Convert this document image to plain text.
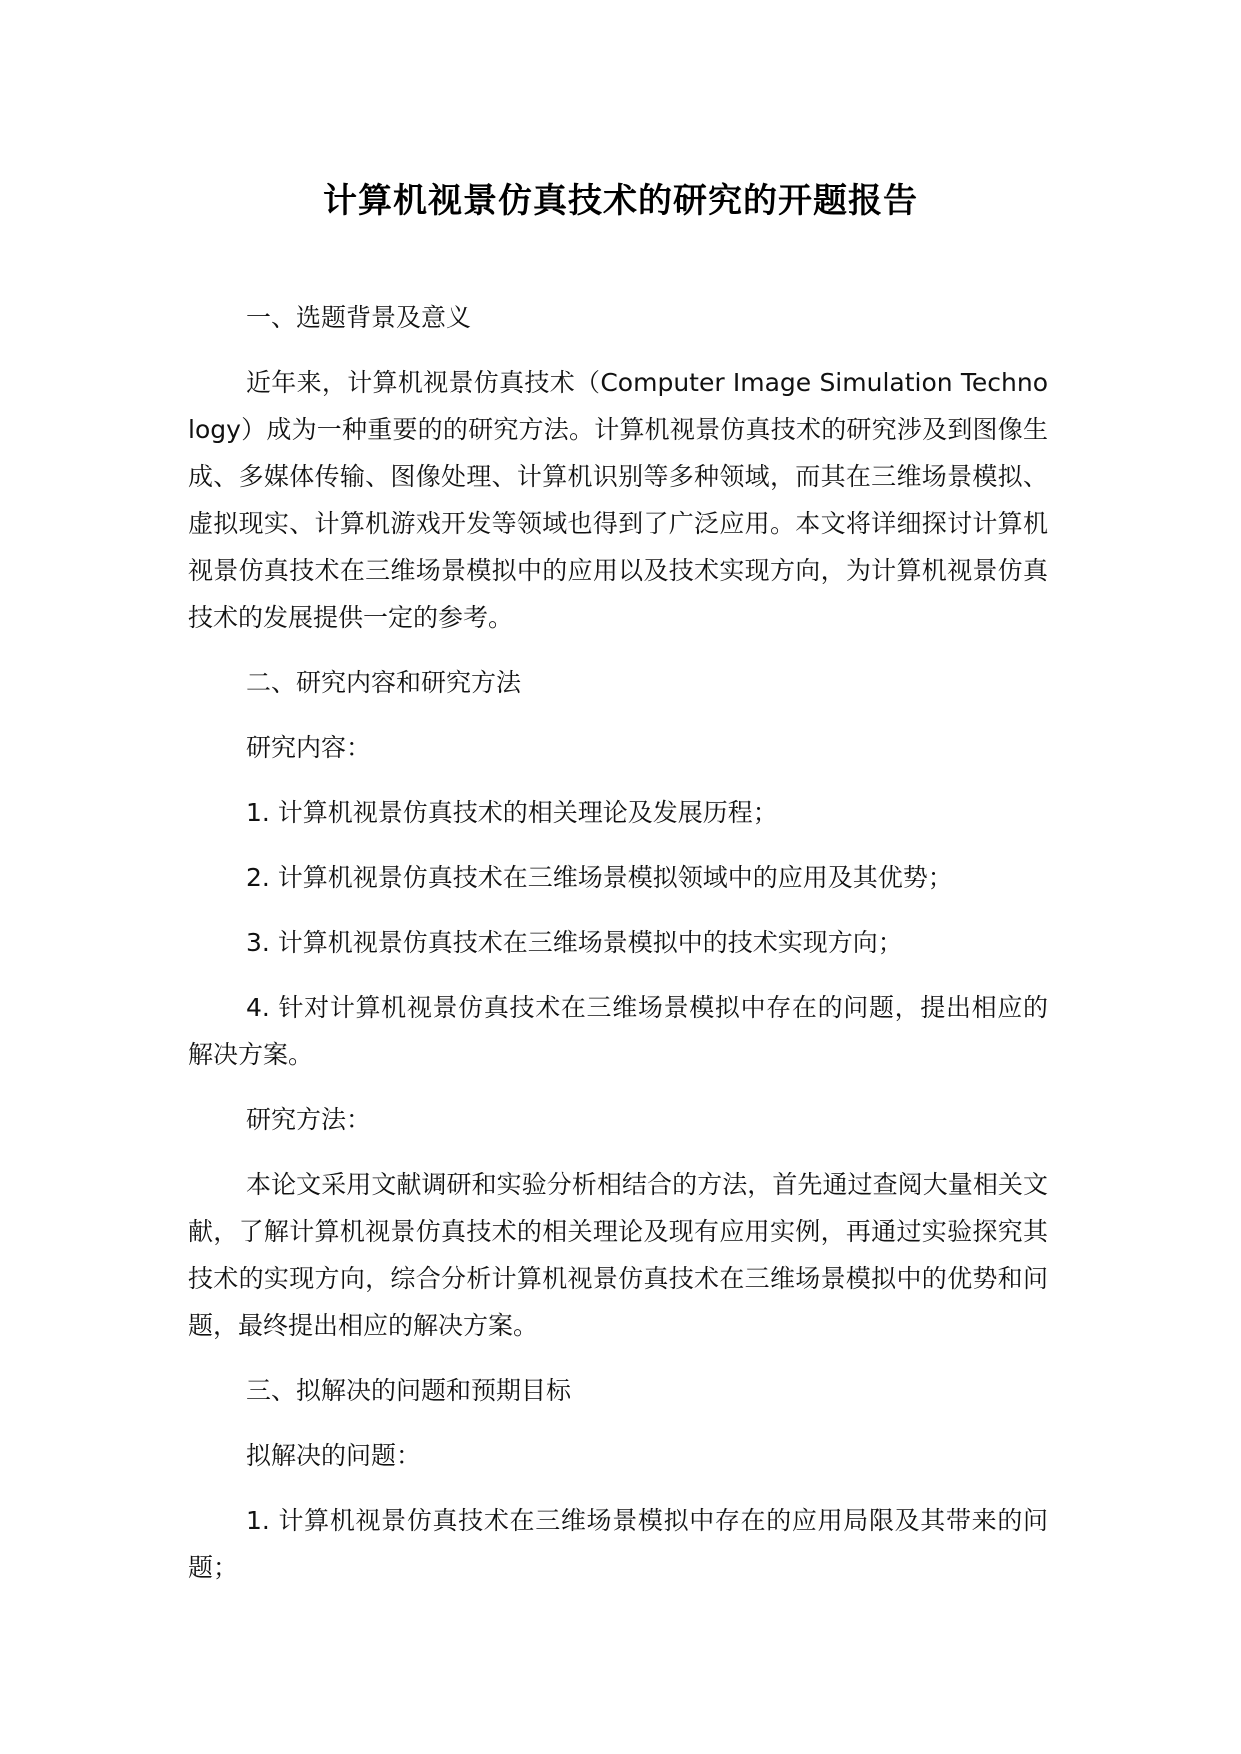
计算机视景仿真技术的研究的开题报告

一、选题背景及意义

近年来，计算机视景仿真技术（Computer Image Simulation Technology）成为一种重要的的研究方法。计算机视景仿真技术的研究涉及到图像生成、多媒体传输、图像处理、计算机识别等多种领域，而其在三维场景模拟、虚拟现实、计算机游戏开发等领域也得到了广泛应用。本文将详细探讨计算机视景仿真技术在三维场景模拟中的应用以及技术实现方向，为计算机视景仿真技术的发展提供一定的参考。

二、研究内容和研究方法

研究内容：

1. 计算机视景仿真技术的相关理论及发展历程；

2. 计算机视景仿真技术在三维场景模拟领域中的应用及其优势；

3. 计算机视景仿真技术在三维场景模拟中的技术实现方向；

4. 针对计算机视景仿真技术在三维场景模拟中存在的问题，提出相应的解决方案。

研究方法：

本论文采用文献调研和实验分析相结合的方法，首先通过查阅大量相关文献，了解计算机视景仿真技术的相关理论及现有应用实例，再通过实验探究其技术的实现方向，综合分析计算机视景仿真技术在三维场景模拟中的优势和问题，最终提出相应的解决方案。

三、拟解决的问题和预期目标

拟解决的问题：

1. 计算机视景仿真技术在三维场景模拟中存在的应用局限及其带来的问题；
